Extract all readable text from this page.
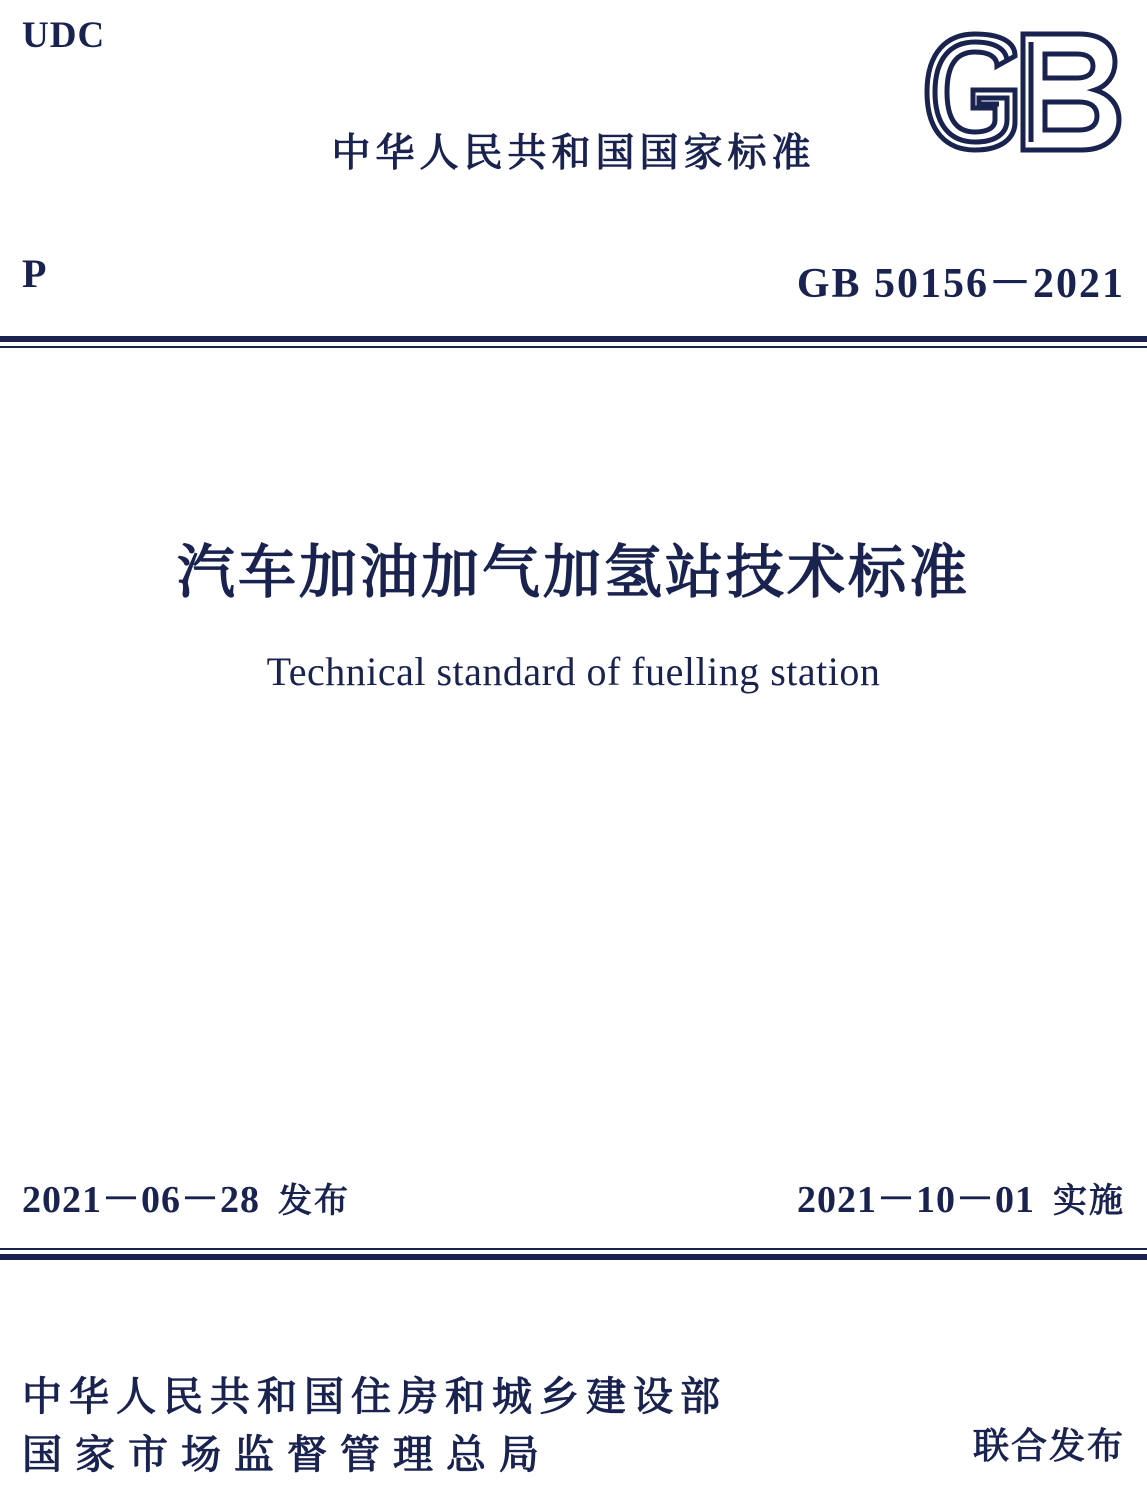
UDC
中华人民共和国国家标准
P	GB 50156－2021
汽车加油加气加氢站技术标准
Technical standard of fuelling station
2021－06－28 发布	2021－10－01 实施
中华人民共和国住房和城乡建设部
国家市场监督管理总局	联合发布
